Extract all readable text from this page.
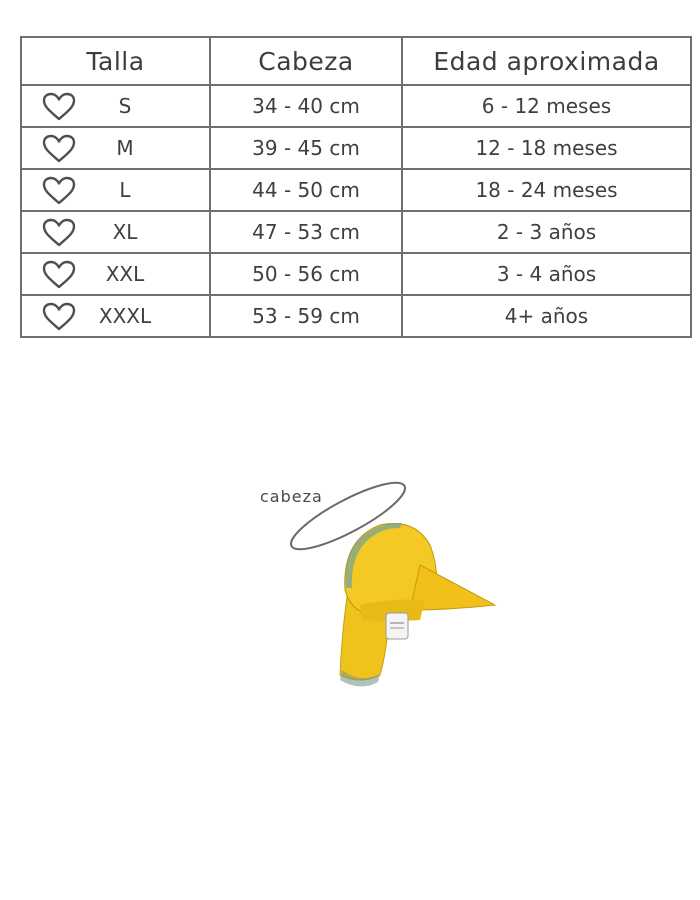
Talla	Cabeza	Edad aproximada

S	34 - 40 cm	6 - 12 meses

M	39 - 45 cm	12 - 18 meses

L	44 - 50 cm	18 - 24 meses

XL	47 - 53 cm	2 - 3 años

XXL	50 - 56 cm	3 - 4 años

XXXL	53 - 59 cm	4+ años
cabeza
